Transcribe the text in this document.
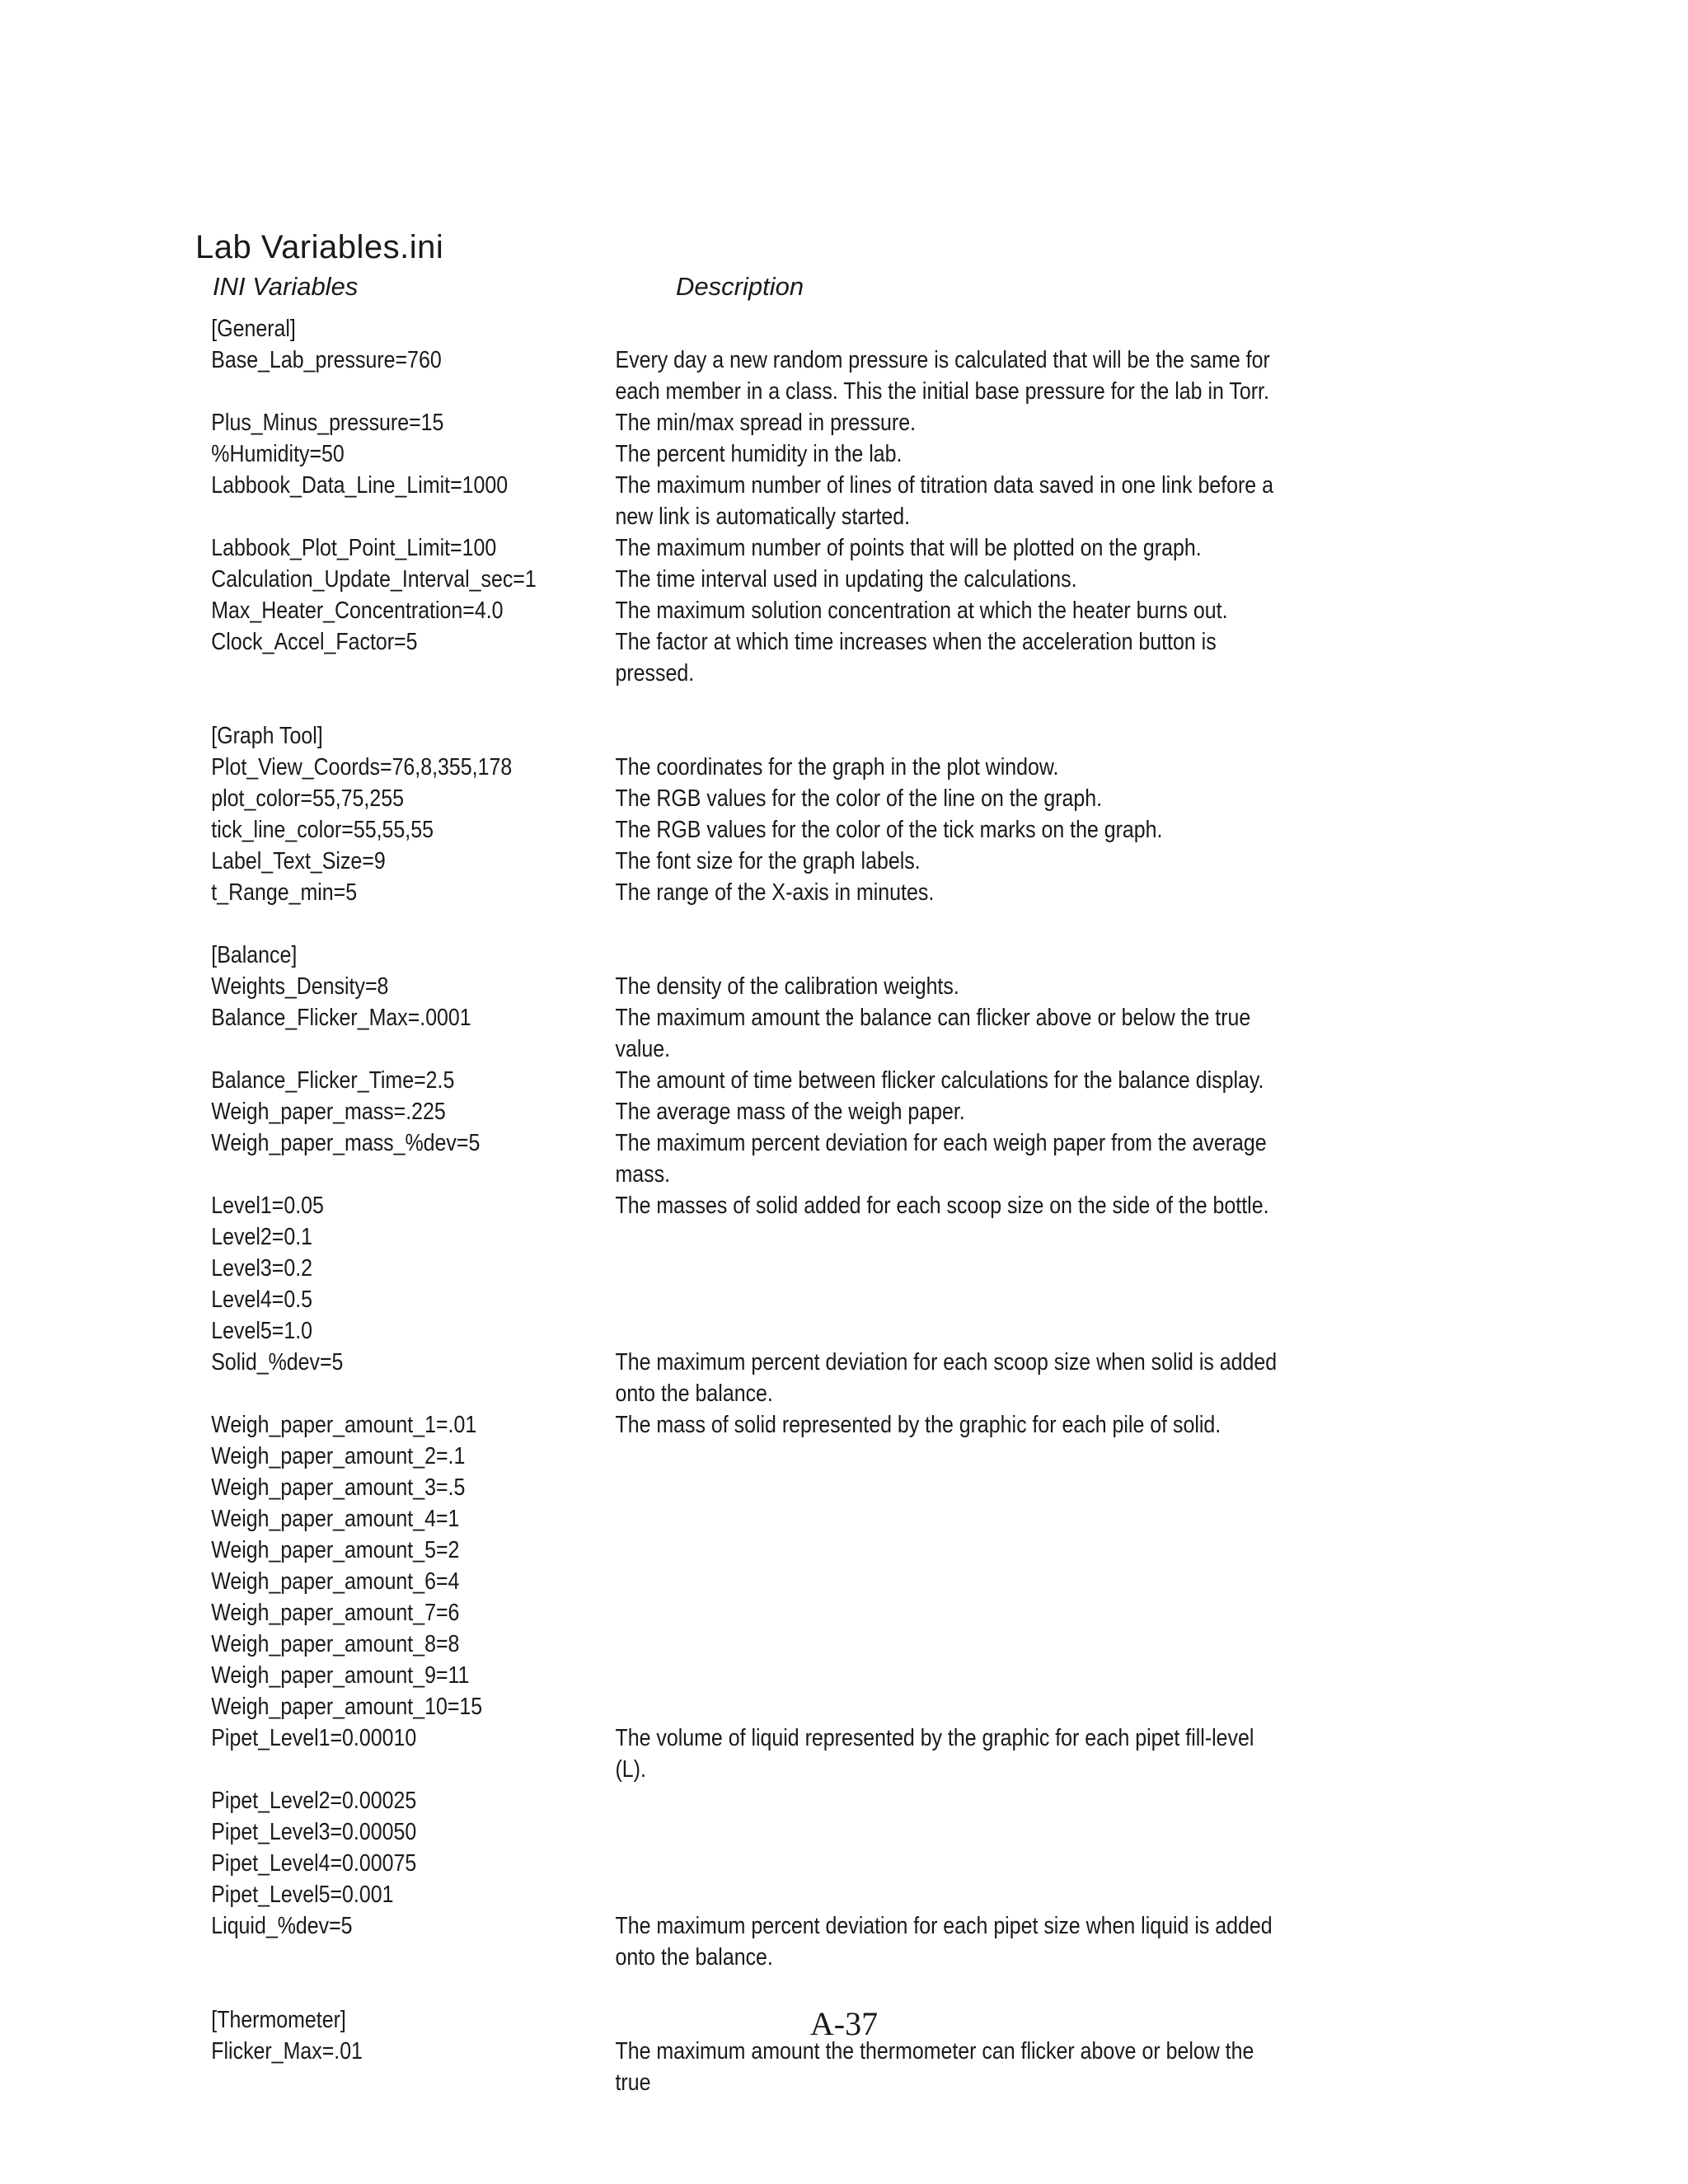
Lab Variables.ini
INI Variables	Description
[General]

Base_Lab_pressure=760	Every day a new random pressure is calculated that will be the same for each member in a class. This the initial base pressure for the lab in Torr.
Plus_Minus_pressure=15	The min/max spread in pressure.
%Humidity=50	The percent humidity in the lab.
Labbook_Data_Line_Limit=1000	The maximum number of lines of titration data saved in one link before a new link is automatically started.
Labbook_Plot_Point_Limit=100	The maximum number of points that will be plotted on the graph.
Calculation_Update_Interval_sec=1	The time interval used in updating the calculations.
Max_Heater_Concentration=4.0	The maximum solution concentration at which the heater burns out.
Clock_Accel_Factor=5	The factor at which time increases when the acceleration button is pressed.
[Graph Tool]

Plot_View_Coords=76,8,355,178	The coordinates for the graph in the plot window.
plot_color=55,75,255	The RGB values for the color of the line on the graph.
tick_line_color=55,55,55	The RGB values for the color of the tick marks on the graph.
Label_Text_Size=9	The font size for the graph labels.
t_Range_min=5	The range of the X-axis in minutes.
[Balance]

Weights_Density=8	The density of the calibration weights.
Balance_Flicker_Max=.0001	The maximum amount the balance can flicker above or below the true value.
Balance_Flicker_Time=2.5	The amount of time between flicker calculations for the balance display.
Weigh_paper_mass=.225	The average mass of the weigh paper.
Weigh_paper_mass_%dev=5	The maximum percent deviation for each weigh paper from the average mass.
Level1=0.05	The masses of solid added for each scoop size on the side of the bottle.
Level2=0.1

Level3=0.2

Level4=0.5

Level5=1.0

Solid_%dev=5	The maximum percent deviation for each scoop size when solid is added onto the balance.
Weigh_paper_amount_1=.01	The mass of solid represented by the graphic for each pile of solid.
Weigh_paper_amount_2=.1

Weigh_paper_amount_3=.5

Weigh_paper_amount_4=1

Weigh_paper_amount_5=2

Weigh_paper_amount_6=4

Weigh_paper_amount_7=6

Weigh_paper_amount_8=8

Weigh_paper_amount_9=11

Weigh_paper_amount_10=15

Pipet_Level1=0.00010	The volume of liquid represented by the graphic for each pipet fill-level (L).
Pipet_Level2=0.00025

Pipet_Level3=0.00050

Pipet_Level4=0.00075

Pipet_Level5=0.001

Liquid_%dev=5	The maximum percent deviation for each pipet size when liquid is added onto the balance.
[Thermometer]

Flicker_Max=.01	The maximum amount the thermometer can flicker above or below the true
A-37
